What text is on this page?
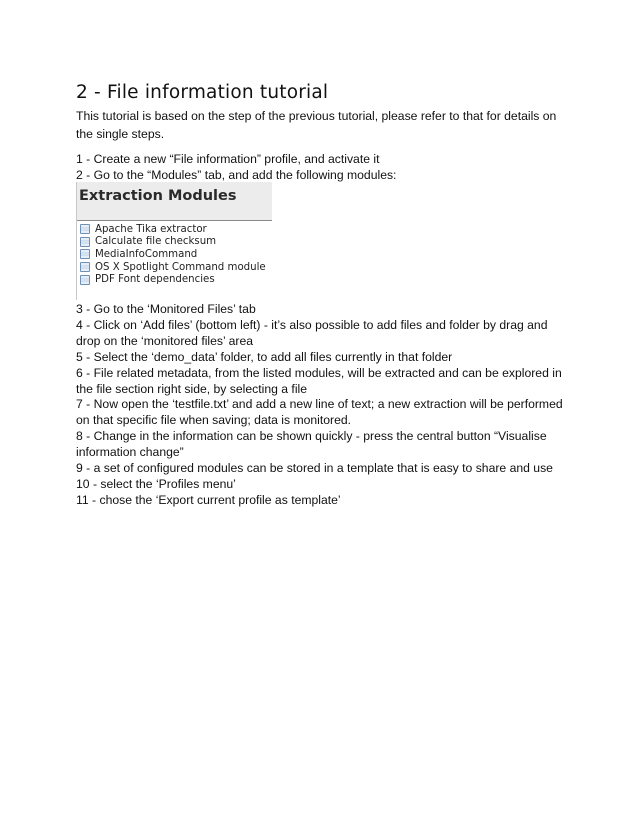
2 - File information tutorial
This tutorial is based on the step of the previous tutorial, please refer to that for details on the single steps.
1 - Create a new “File information” profile, and activate it
2 - Go to the “Modules” tab, and add the following modules:
Extraction Modules
Apache Tika extractor
Calculate file checksum
MediaInfoCommand
OS X Spotlight Command module
PDF Font dependencies
3 - Go to the ‘Monitored Files’ tab
4 - Click on ‘Add files’ (bottom left) - it’s also possible to add files and folder by drag and drop on the ‘monitored files’ area
5 - Select the ‘demo_data’ folder, to add all files currently in that folder
6 - File related metadata, from the listed modules, will be extracted and can be explored in the file section right side, by selecting a file
7 - Now open the ‘testfile.txt’ and add a new line of text; a new extraction will be performed on that specific file when saving; data is monitored.
8 - Change in the information can be shown quickly - press the central button “Visualise information change”
9 - a set of configured modules can be stored in a template that is easy to share and use
10 - select the ‘Profiles menu’
11 - chose the ‘Export current profile as template’
